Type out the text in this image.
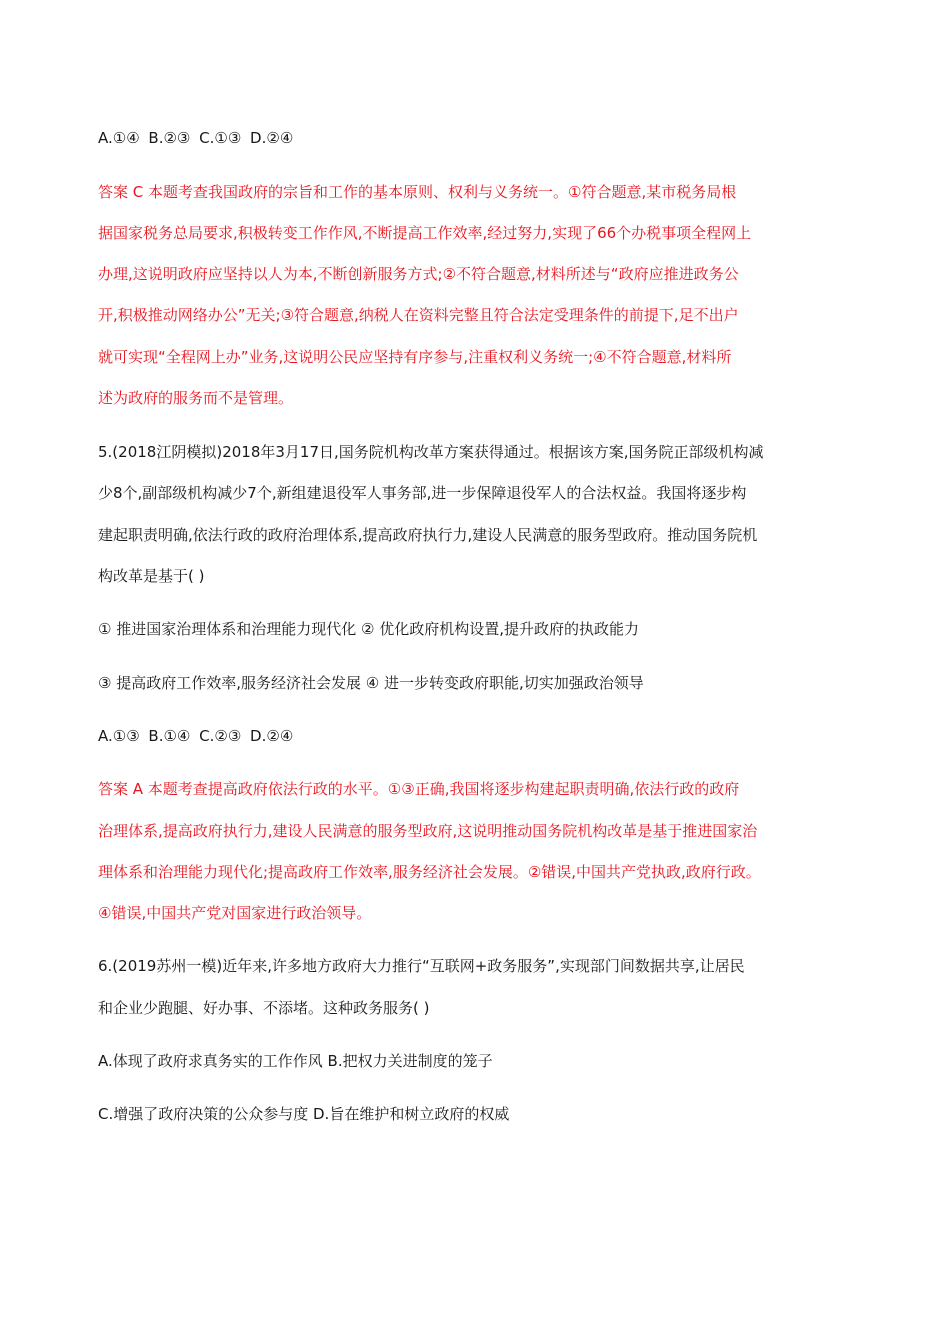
A.①④ B.②③ C.①③ D.②④
答案 C 本题考查我国政府的宗旨和工作的基本原则、权利与义务统一。①符合题意,某市税务局根
据国家税务总局要求,积极转变工作作风,不断提高工作效率,经过努力,实现了66个办税事项全程网上
办理,这说明政府应坚持以人为本,不断创新服务方式;②不符合题意,材料所述与“政府应推进政务公
开,积极推动网络办公”无关;③符合题意,纳税人在资料完整且符合法定受理条件的前提下,足不出户
就可实现“全程网上办”业务,这说明公民应坚持有序参与,注重权利义务统一;④不符合题意,材料所
述为政府的服务而不是管理。
5.(2018江阴模拟)2018年3月17日,国务院机构改革方案获得通过。根据该方案,国务院正部级机构减
少8个,副部级机构减少7个,新组建退役军人事务部,进一步保障退役军人的合法权益。我国将逐步构
建起职责明确,依法行政的政府治理体系,提高政府执行力,建设人民满意的服务型政府。推动国务院机
构改革是基于( )
① 推进国家治理体系和治理能力现代化 ② 优化政府机构设置,提升政府的执政能力
③ 提高政府工作效率,服务经济社会发展 ④ 进一步转变政府职能,切实加强政治领导
A.①③ B.①④ C.②③ D.②④
答案 A 本题考查提高政府依法行政的水平。①③正确,我国将逐步构建起职责明确,依法行政的政府
治理体系,提高政府执行力,建设人民满意的服务型政府,这说明推动国务院机构改革是基于推进国家治
理体系和治理能力现代化;提高政府工作效率,服务经济社会发展。②错误,中国共产党执政,政府行政。
④错误,中国共产党对国家进行政治领导。
6.(2019苏州一模)近年来,许多地方政府大力推行“互联网+政务服务”,实现部门间数据共享,让居民
和企业少跑腿、好办事、不添堵。这种政务服务( )
A.体现了政府求真务实的工作作风 B.把权力关进制度的笼子
C.增强了政府决策的公众参与度 D.旨在维护和树立政府的权威
